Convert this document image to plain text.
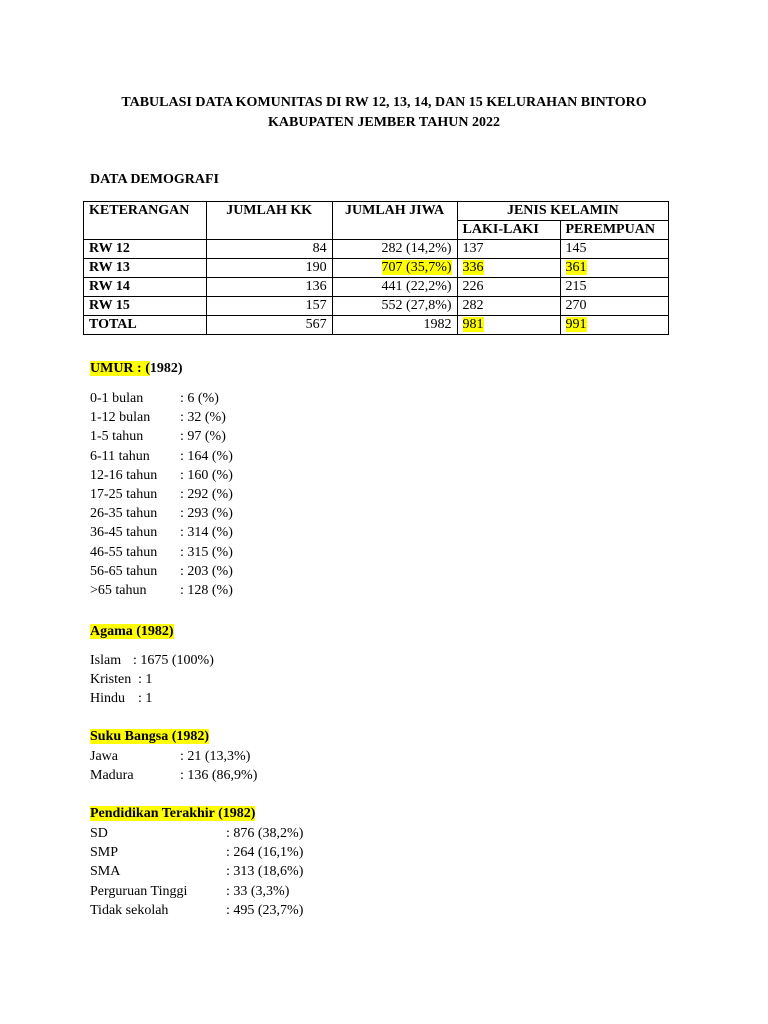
TABULASI DATA KOMUNITAS DI RW 12, 13, 14, DAN 15 KELURAHAN BINTORO
KABUPATEN JEMBER TAHUN 2022
DATA DEMOGRAFI
KETERANGAN	JUMLAH KK	JUMLAH JIWA	JENIS KELAMIN	
			LAKI-LAKI	PEREMPUAN
RW 12	84	282 (14,2%)	137	145
RW 13	190	707 (35,7%)	336	361
RW 14	136	441 (22,2%)	226	215
RW 15	157	552 (27,8%)	282	270
TOTAL	567	1982	981	991
UMUR : (1982)
0-1 bulan	: 6 (%)
1-12 bulan : 32 (%)
1-5 tahun	: 97 (%)
6-11 tahun : 164 (%)
12-16 tahun : 160 (%)
17-25 tahun : 292 (%)
26-35 tahun : 293 (%)
36-45 tahun : 314 (%)
46-55 tahun : 315 (%)
56-65 tahun : 203 (%)
>65 tahun : 128 (%)
Agama (1982)
Islam : 1675 (100%)
Kristen : 1
Hindu : 1
Suku Bangsa (1982)
Jawa	: 21 (13,3%)
Madura	: 136 (86,9%)
Pendidikan Terakhir (1982)
SD	: 876 (38,2%)
SMP	: 264 (16,1%)
SMA	: 313 (18,6%)
Perguruan Tinggi	: 33 (3,3%)
Tidak sekolah	: 495 (23,7%)
